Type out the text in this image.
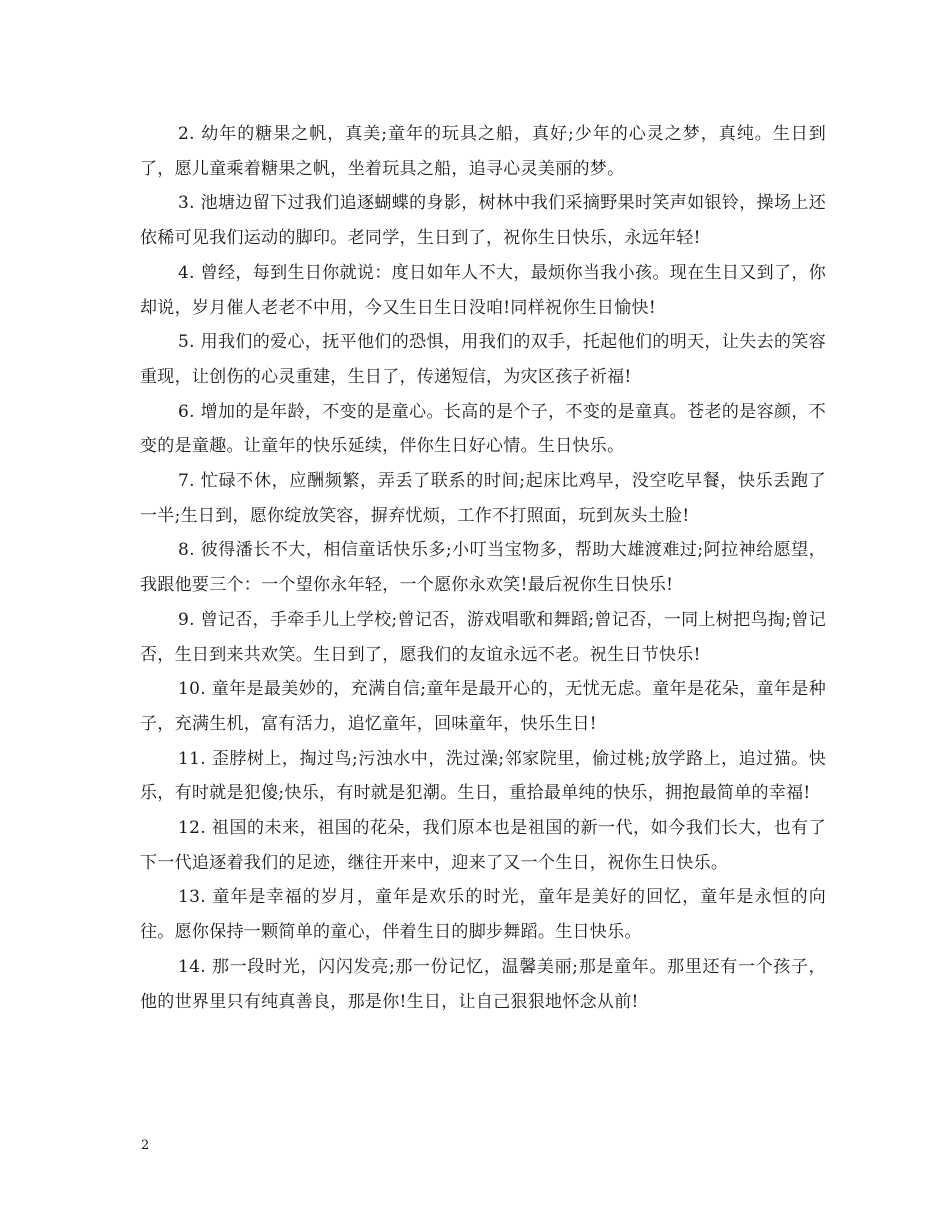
2. 幼年的糖果之帆，真美;童年的玩具之船，真好;少年的心灵之梦，真纯。生日到了，愿儿童乘着糖果之帆，坐着玩具之船，追寻心灵美丽的梦。

3. 池塘边留下过我们追逐蝴蝶的身影，树林中我们采摘野果时笑声如银铃，操场上还依稀可见我们运动的脚印。老同学，生日到了，祝你生日快乐，永远年轻!

4. 曾经，每到生日你就说：度日如年人不大，最烦你当我小孩。现在生日又到了，你却说，岁月催人老老不中用，今又生日生日没咱!同样祝你生日愉快!

5. 用我们的爱心，抚平他们的恐惧，用我们的双手，托起他们的明天，让失去的笑容重现，让创伤的心灵重建，生日了，传递短信，为灾区孩子祈福!

6. 增加的是年龄，不变的是童心。长高的是个子，不变的是童真。苍老的是容颜，不变的是童趣。让童年的快乐延续，伴你生日好心情。生日快乐。

7. 忙碌不休，应酬频繁，弄丢了联系的时间;起床比鸡早，没空吃早餐，快乐丢跑了一半;生日到，愿你绽放笑容，摒弃忧烦，工作不打照面，玩到灰头土脸!

8. 彼得潘长不大，相信童话快乐多;小叮当宝物多，帮助大雄渡难过;阿拉神给愿望，我跟他要三个：一个望你永年轻，一个愿你永欢笑!最后祝你生日快乐!

9. 曾记否，手牵手儿上学校;曾记否，游戏唱歌和舞蹈;曾记否，一同上树把鸟掏;曾记否，生日到来共欢笑。生日到了，愿我们的友谊永远不老。祝生日节快乐!

10. 童年是最美妙的，充满自信;童年是最开心的，无忧无虑。童年是花朵，童年是种子，充满生机，富有活力，追忆童年，回味童年，快乐生日!

11. 歪脖树上，掏过鸟;污浊水中，洗过澡;邻家院里，偷过桃;放学路上，追过猫。快乐，有时就是犯傻;快乐，有时就是犯潮。生日，重拾最单纯的快乐，拥抱最简单的幸福!

12. 祖国的未来，祖国的花朵，我们原本也是祖国的新一代，如今我们长大，也有了下一代追逐着我们的足迹，继往开来中，迎来了又一个生日，祝你生日快乐。

13. 童年是幸福的岁月，童年是欢乐的时光，童年是美好的回忆，童年是永恒的向往。愿你保持一颗简单的童心，伴着生日的脚步舞蹈。生日快乐。

14. 那一段时光，闪闪发亮;那一份记忆，温馨美丽;那是童年。那里还有一个孩子，他的世界里只有纯真善良，那是你!生日，让自己狠狠地怀念从前!

2
